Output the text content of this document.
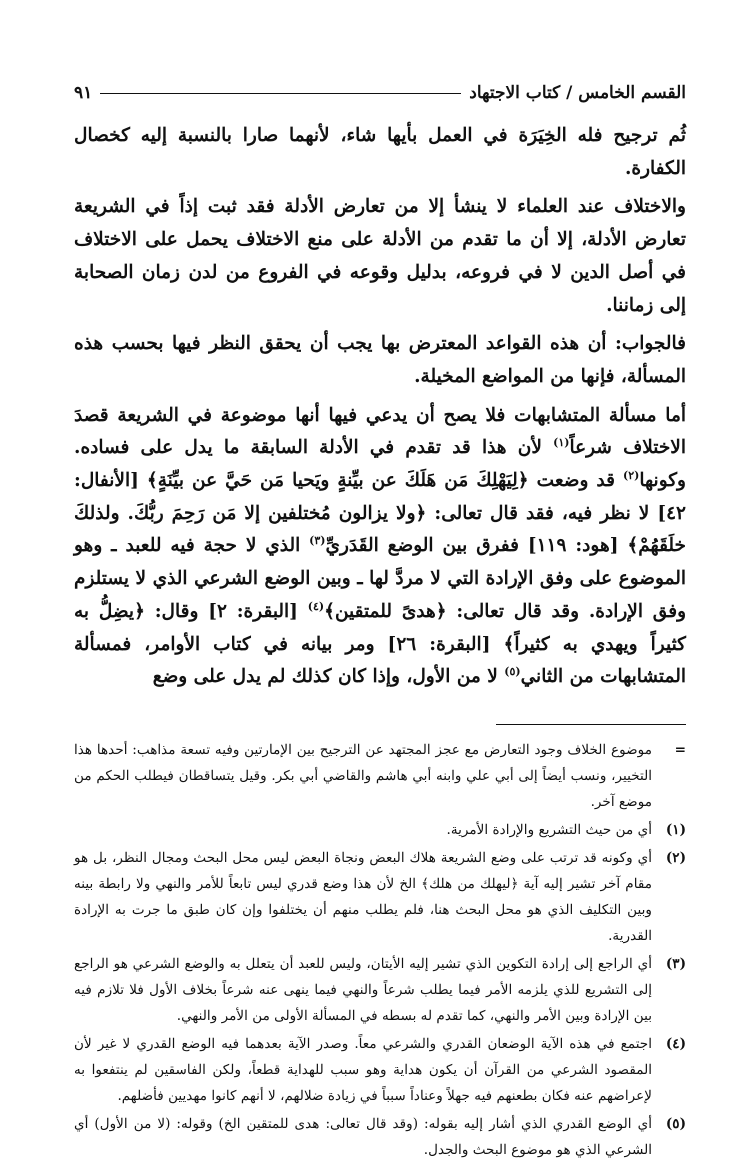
القسم الخامس / كتاب الاجتهاد
٩١

ثُم ترجيح فله الخِيَرَة في العمل بأيها شاء، لأنهما صارا بالنسبة إليه كخصال الكفارة.

والاختلاف عند العلماء لا ينشأ إلا من تعارض الأدلة فقد ثبت إذاً في الشريعة تعارض الأدلة، إلا أن ما تقدم من الأدلة على منع الاختلاف يحمل على الاختلاف في أصل الدين لا في فروعه، بدليل وقوعه في الفروع من لدن زمان الصحابة إلى زماننا.

فالجواب: أن هذه القواعد المعترض بها يجب أن يحقق النظر فيها بحسب هذه المسألة، فإنها من المواضع المخيلة.

أما مسألة المتشابهات فلا يصح أن يدعي فيها أنها موضوعة في الشريعة قصدَ الاختلاف شرعاً$^{(١)}$ لأن هذا قد تقدم في الأدلة السابقة ما يدل على فساده. وكونها$^{(٢)}$ قد وضعت ﴿لِيَهْلِكَ مَن هَلَكَ عن بيِّنةٍ ويَحيا مَن حَيَّ عن بيِّنَةٍ﴾ [الأنفال: ٤٢] لا نظر فيه، فقد قال تعالى: ﴿ولا يزالون مُختلفين إلا مَن رَحِمَ ربُّكَ. ولذلكَ خلَقَهُمْ﴾ [هود: ١١٩] ففرق بين الوضع القَدَريِّ$^{(٣)}$ الذي لا حجة فيه للعبد ـ وهو الموضوع على وفق الإرادة التي لا مردَّ لها ـ وبين الوضع الشرعي الذي لا يستلزم وفق الإرادة. وقد قال تعالى: ﴿هدىً للمتقين﴾$^{(٤)}$ [البقرة: ٢] وقال: ﴿يضِلُّ به كثيراً ويهدي به كثيراً﴾ [البقرة: ٢٦] ومر بيانه في كتاب الأوامر، فمسألة المتشابهات من الثاني$^{(٥)}$ لا من الأول، وإذا كان كذلك لم يدل على وضع

=
موضوع الخلاف وجود التعارض مع عجز المجتهد عن الترجيح بين الإمارتين وفيه تسعة مذاهب: أحدها هذا التخيير، ونسب أيضاً إلى أبي علي وابنه أبي هاشم والقاضي أبي بكر. وقيل يتساقطان فيطلب الحكم من موضع آخر.
(١)
أي من حيث التشريع والإرادة الأمرية.
(٢)
أي وكونه قد ترتب على وضع الشريعة هلاك البعض ونجاة البعض ليس محل البحث ومجال النظر، بل هو مقام آخر تشير إليه آية ﴿ليهلك من هلك﴾ الخ لأن هذا وضع قدري ليس تابعاً للأمر والنهي ولا رابطة بينه وبين التكليف الذي هو محل البحث هنا، فلم يطلب منهم أن يختلفوا وإن كان طبق ما جرت به الإرادة القدرية.
(٣)
أي الراجع إلى إرادة التكوين الذي تشير إليه الأيتان، وليس للعبد أن يتعلل به والوضع الشرعي هو الراجع إلى التشريع للذي يلزمه الأمر فيما يطلب شرعاً والنهي فيما ينهى عنه شرعاً بخلاف الأول فلا تلازم فيه بين الإرادة وبين الأمر والنهي، كما تقدم له بسطه في المسألة الأولى من الأمر والنهي.
(٤)
اجتمع في هذه الآية الوضعان القدري والشرعي معاً. وصدر الآية بعدهما فيه الوضع القدري لا غير لأن المقصود الشرعي من القرآن أن يكون هداية وهو سبب للهداية قطعاً، ولكن الفاسقين لم ينتفعوا به لإعراضهم عنه فكان بطعنهم فيه جهلاً وعناداً سبباً في زيادة ضلالهم، لا أنهم كانوا مهديين فأضلهم.
(٥)
أي الوضع القدري الذي أشار إليه بقوله: (وقد قال تعالى: هدى للمتقين الخ) وقوله: (لا من الأول) أي الشرعي الذي هو موضوع البحث والجدل.
